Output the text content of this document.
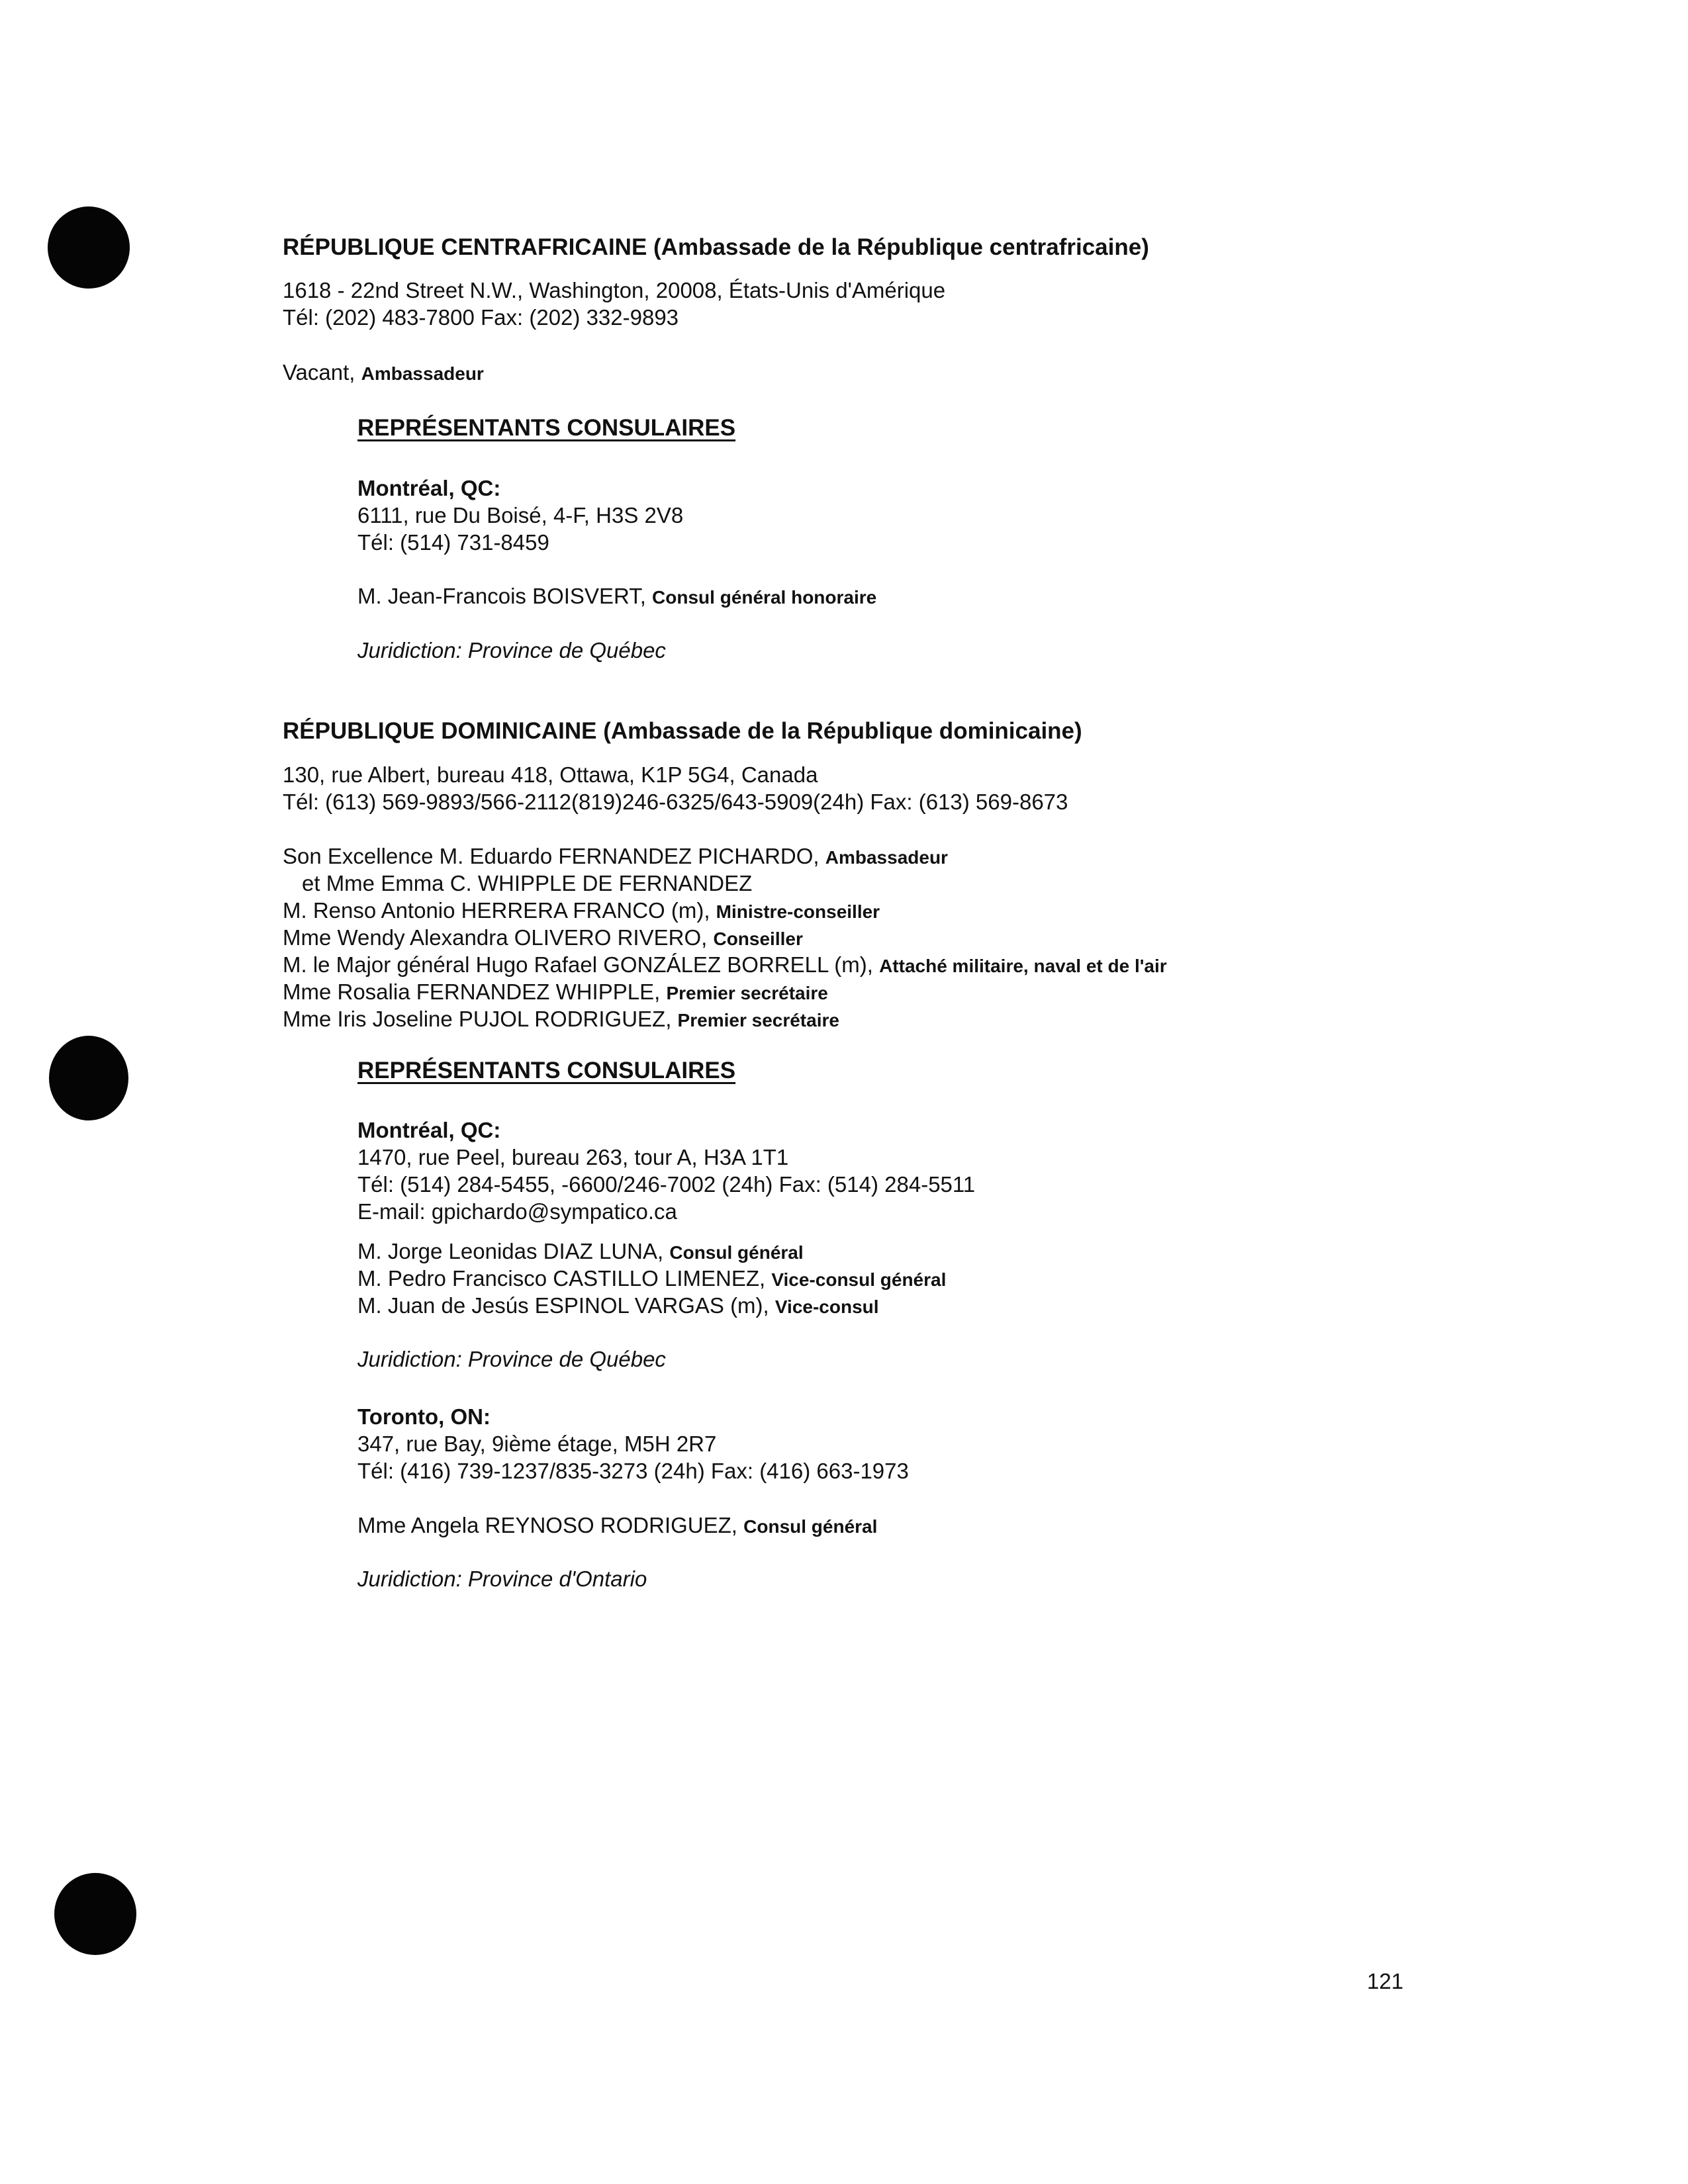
RÉPUBLIQUE CENTRAFRICAINE (Ambassade de la République centrafricaine)
1618 - 22nd Street N.W., Washington, 20008, États-Unis d'Amérique
Tél: (202) 483-7800 Fax: (202) 332-9893
Vacant, Ambassadeur
REPRÉSENTANTS CONSULAIRES
Montréal, QC:
6111, rue Du Boisé, 4-F, H3S 2V8
Tél: (514) 731-8459
M. Jean-Francois BOISVERT, Consul général honoraire
Juridiction: Province de Québec
RÉPUBLIQUE DOMINICAINE (Ambassade de la République dominicaine)
130, rue Albert, bureau 418, Ottawa, K1P 5G4, Canada
Tél: (613) 569-9893/566-2112(819)246-6325/643-5909(24h) Fax: (613) 569-8673
Son Excellence M. Eduardo FERNANDEZ PICHARDO, Ambassadeur
et Mme Emma C. WHIPPLE DE FERNANDEZ
M. Renso Antonio HERRERA FRANCO (m), Ministre-conseiller
Mme Wendy Alexandra OLIVERO RIVERO, Conseiller
M. le Major général Hugo Rafael GONZÁLEZ BORRELL (m), Attaché militaire, naval et de l'air
Mme Rosalia FERNANDEZ WHIPPLE, Premier secrétaire
Mme Iris Joseline PUJOL RODRIGUEZ, Premier secrétaire
REPRÉSENTANTS CONSULAIRES
Montréal, QC:
1470, rue Peel, bureau 263, tour A, H3A 1T1
Tél: (514) 284-5455, -6600/246-7002 (24h) Fax: (514) 284-5511
E-mail: gpichardo@sympatico.ca
M. Jorge Leonidas DIAZ LUNA, Consul général
M. Pedro Francisco CASTILLO LIMENEZ, Vice-consul général
M. Juan de Jesús ESPINOL VARGAS (m), Vice-consul
Juridiction: Province de Québec
Toronto, ON:
347, rue Bay, 9ième étage, M5H 2R7
Tél: (416) 739-1237/835-3273 (24h) Fax: (416) 663-1973
Mme Angela REYNOSO RODRIGUEZ, Consul général
Juridiction: Province d'Ontario
121
